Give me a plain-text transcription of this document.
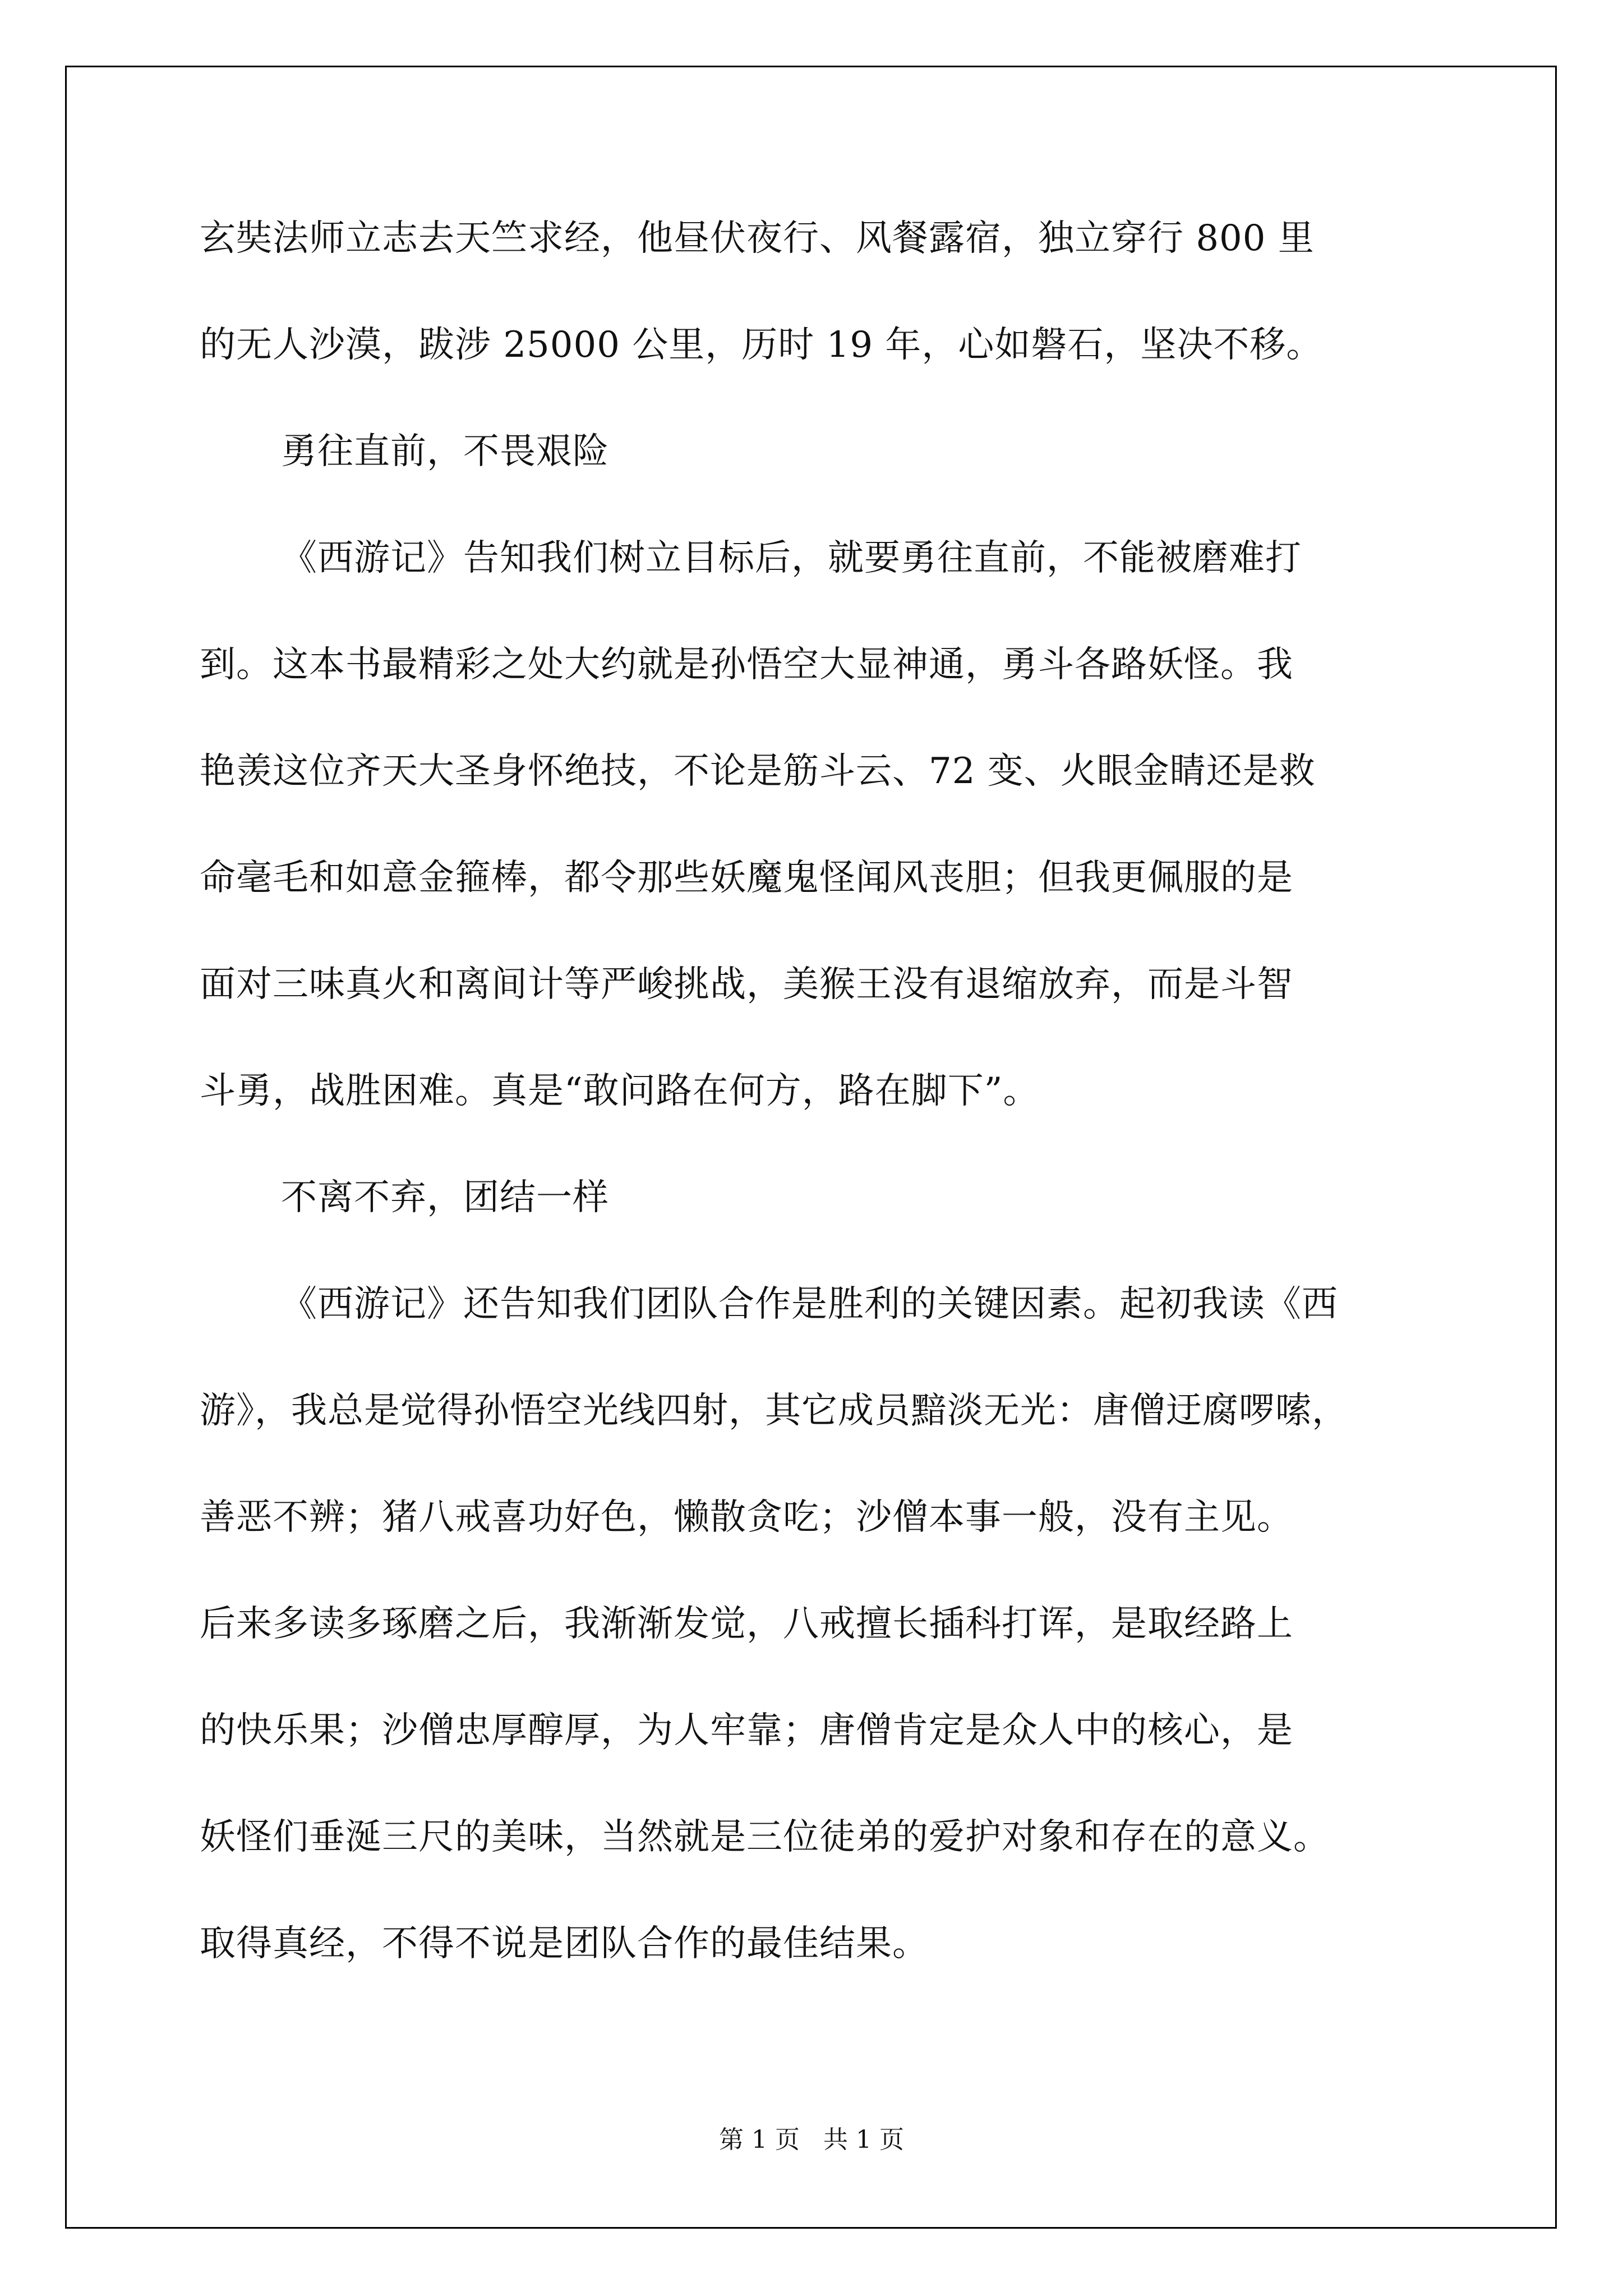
玄奘法师立志去天竺求经，他昼伏夜行、风餐露宿，独立穿行 800 里
的无人沙漠，跋涉 25000 公里，历时 19 年，心如磐石，坚决不移。
勇往直前，不畏艰险
《西游记》告知我们树立目标后，就要勇往直前，不能被磨难打
到。这本书最精彩之处大约就是孙悟空大显神通，勇斗各路妖怪。我
艳羡这位齐天大圣身怀绝技，不论是筋斗云、72 变、火眼金睛还是救
命毫毛和如意金箍棒，都令那些妖魔鬼怪闻风丧胆；但我更佩服的是
面对三味真火和离间计等严峻挑战，美猴王没有退缩放弃，而是斗智
斗勇，战胜困难。真是“敢问路在何方，路在脚下”。
不离不弃，团结一样
《西游记》还告知我们团队合作是胜利的关键因素。起初我读《西
游》，我总是觉得孙悟空光线四射，其它成员黯淡无光：唐僧迂腐啰嗦，
善恶不辨；猪八戒喜功好色，懒散贪吃；沙僧本事一般，没有主见。
后来多读多琢磨之后，我渐渐发觉，八戒擅长插科打诨，是取经路上
的快乐果；沙僧忠厚醇厚，为人牢靠；唐僧肯定是众人中的核心，是
妖怪们垂涎三尺的美味，当然就是三位徒弟的爱护对象和存在的意义。
取得真经，不得不说是团队合作的最佳结果。
第 1 页 共 1 页
